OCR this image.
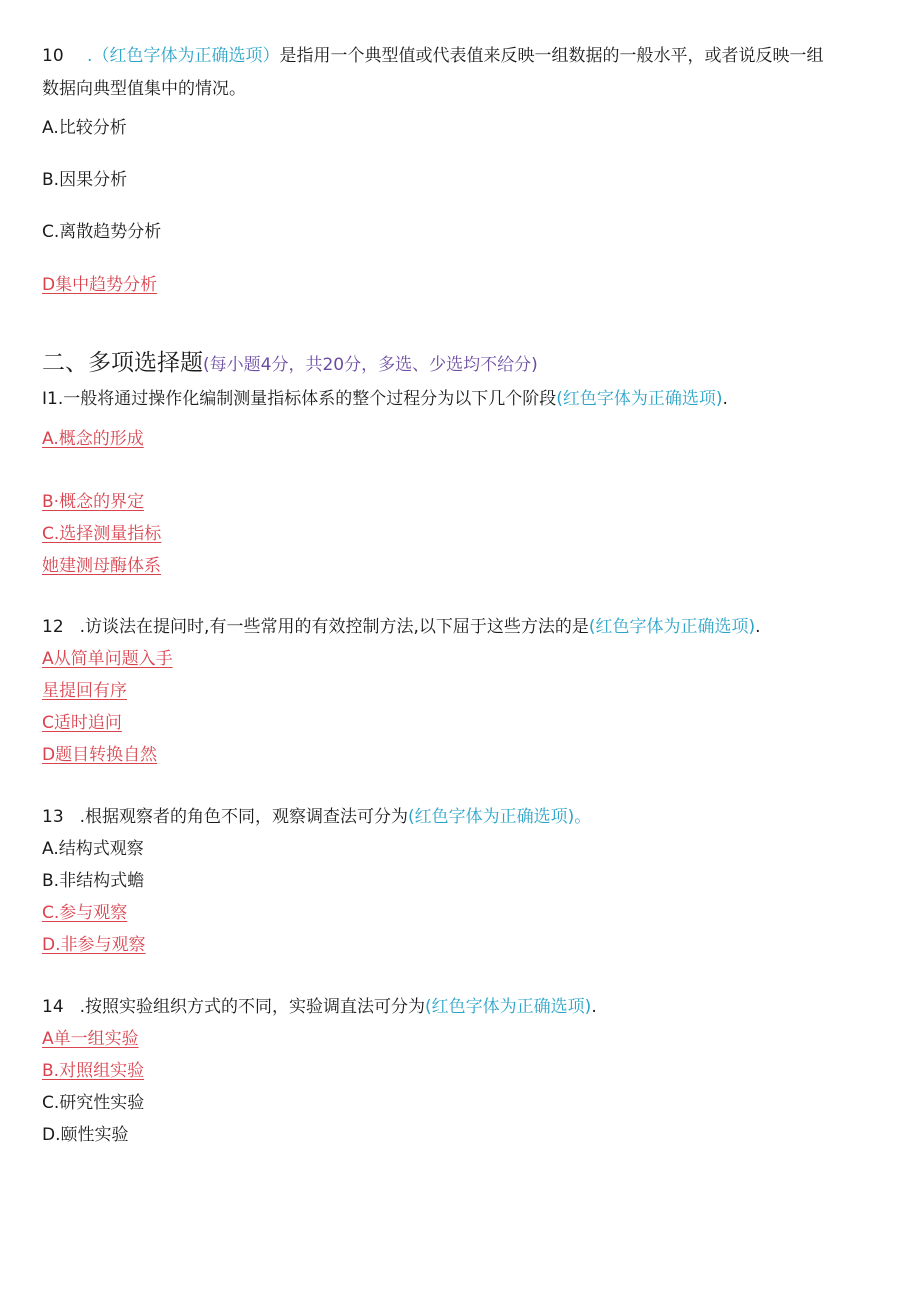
10 .（红色字体为正确选项）是指用一个典型值或代表值来反映一组数据的一般水平，或者说反映一组
数据向典型值集中的情况。
A.比较分析
B.因果分析
C.离散趋势分析
D集中趋势分析
二、多项选择题(每小题4分，共20分，多选、少选均不给分)
I1.一般将通过操作化编制测量指标体系的整个过程分为以下几个阶段(红色字体为正确选项).
A.概念的形成
B·概念的界定
C.选择测量指标
她建测母酶体系
12 .访谈法在提问时,有一些常用的有效控制方法,以下屈于这些方法的是(红色字体为正确选项).
A从简单问题入手
星提回有序
C适时追问
D题目转换自然
13 .根据观察者的角色不同，观察调查法可分为(红色字体为正确选项)。
A.结构式观察
B.非结构式蟾
C.参与观察
D.非参与观察
14 .按照实验组织方式的不同，实验调直法可分为(红色字体为正确选项).
A单一组实验
B.对照组实验
C.研究性实验
D.颐性实验
